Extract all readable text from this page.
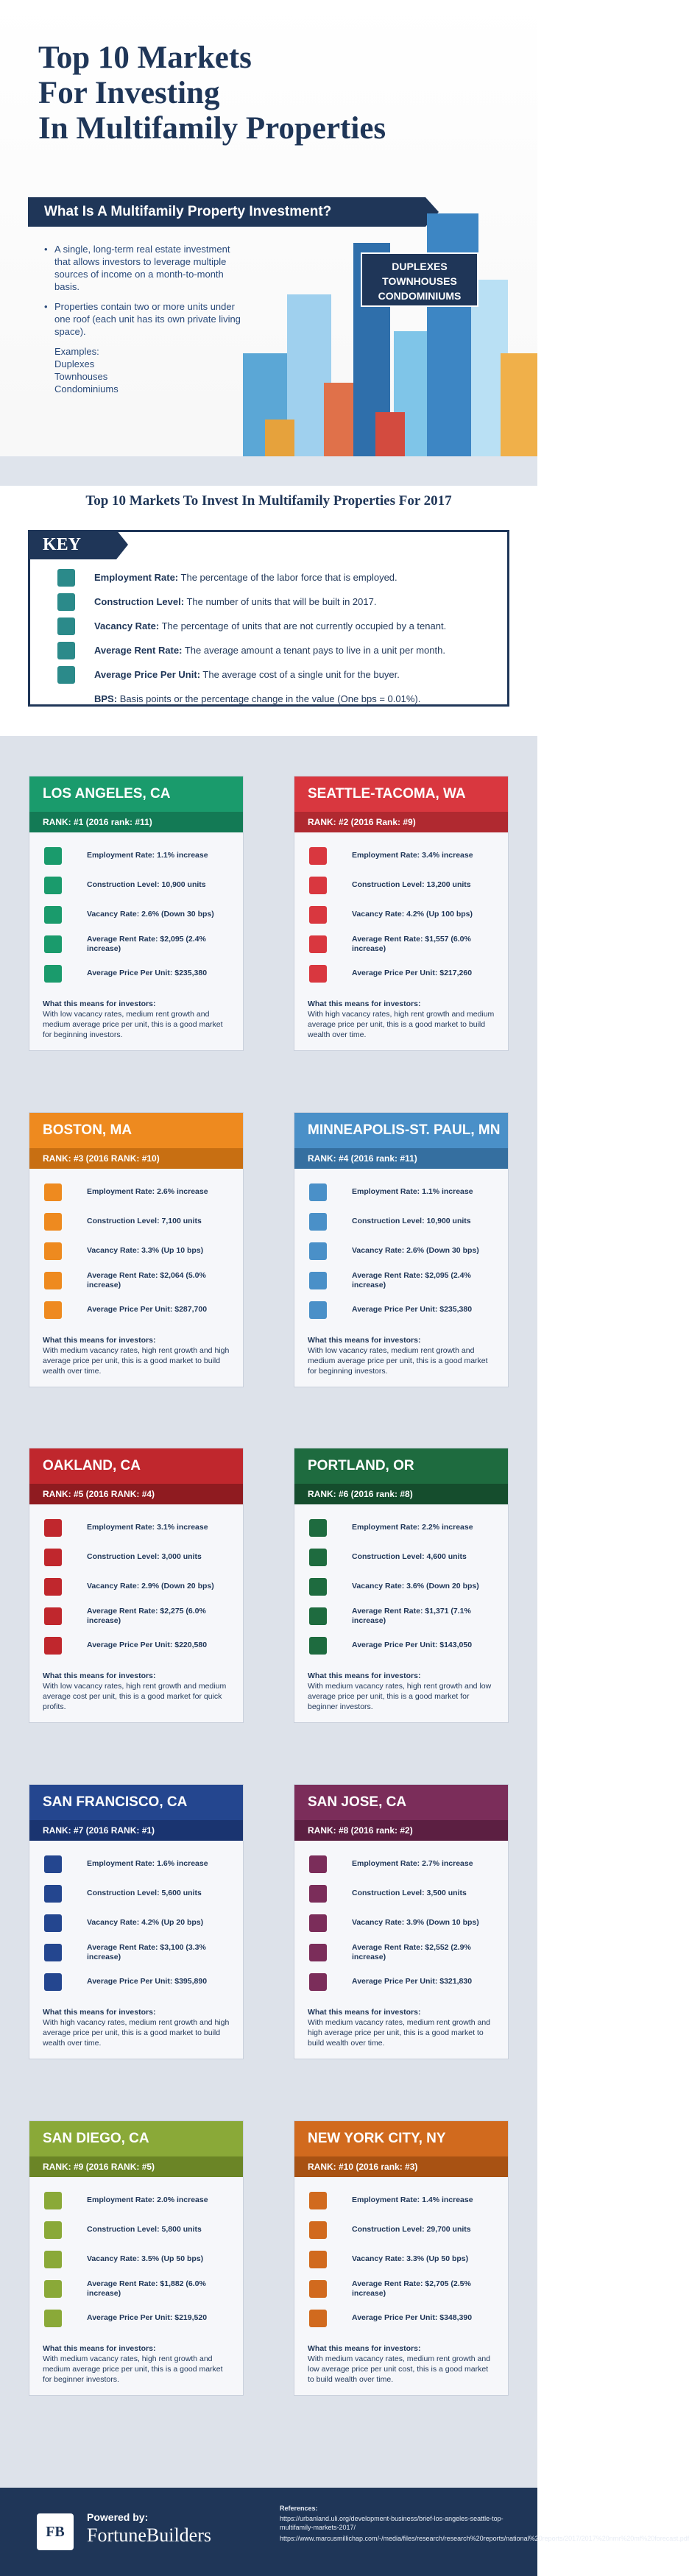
Top 10 Markets
For Investing
In Multifamily Properties
What Is A Multifamily Property Investment?
• A single, long-term real estate investment that allows investors to leverage multiple sources of income on a month-to-month basis.
• Properties contain two or more units under one roof (each unit has its own private living space).
Examples:
Duplexes
Townhouses
Condominiums
DUPLEXES
TOWNHOUSES
CONDOMINIUMS
Top 10 Markets To Invest In Multifamily Properties For 2017
KEY
Employment Rate: The percentage of the labor force that is employed.
Construction Level: The number of units that will be built in 2017.
Vacancy Rate: The percentage of units that are not currently occupied by a tenant.
Average Rent Rate: The average amount a tenant pays to live in a unit per month.
Average Price Per Unit: The average cost of a single unit for the buyer.
BPS: Basis points or the percentage change in the value (One bps = 0.01%).
LOS ANGELES, CA
RANK: #1 (2016 rank: #11)
Employment Rate: 1.1% increase
Construction Level: 10,900 units
Vacancy Rate: 2.6% (Down 30 bps)
Average Rent Rate: $2,095 (2.4% increase)
Average Price Per Unit: $235,380
What this means for investors:
With low vacancy rates, medium rent growth and medium average price per unit, this is a good market for beginning investors.
SEATTLE-TACOMA, WA
RANK: #2 (2016 Rank: #9)
Employment Rate: 3.4% increase
Construction Level: 13,200 units
Vacancy Rate: 4.2% (Up 100 bps)
Average Rent Rate: $1,557 (6.0% increase)
Average Price Per Unit: $217,260
What this means for investors:
With high vacancy rates, high rent growth and medium average price per unit, this is a good market to build wealth over time.
BOSTON, MA
RANK: #3 (2016 RANK: #10)
Employment Rate: 2.6% increase
Construction Level: 7,100 units
Vacancy Rate: 3.3% (Up 10 bps)
Average Rent Rate: $2,064 (5.0% increase)
Average Price Per Unit: $287,700
What this means for investors:
With medium vacancy rates, high rent growth and high average price per unit, this is a good market to build wealth over time.
MINNEAPOLIS-ST. PAUL, MN
RANK: #4 (2016 rank: #11)
Employment Rate: 1.1% increase
Construction Level: 10,900 units
Vacancy Rate: 2.6% (Down 30 bps)
Average Rent Rate: $2,095 (2.4% increase)
Average Price Per Unit: $235,380
What this means for investors:
With low vacancy rates, medium rent growth and medium average price per unit, this is a good market for beginning investors.
OAKLAND, CA
RANK: #5 (2016 RANK: #4)
Employment Rate: 3.1% increase
Construction Level: 3,000 units
Vacancy Rate: 2.9% (Down 20 bps)
Average Rent Rate: $2,275 (6.0% increase)
Average Price Per Unit: $220,580
What this means for investors:
With low vacancy rates, high rent growth and medium average cost per unit, this is a good market for quick profits.
PORTLAND, OR
RANK: #6 (2016 rank: #8)
Employment Rate: 2.2% increase
Construction Level: 4,600 units
Vacancy Rate: 3.6% (Down 20 bps)
Average Rent Rate: $1,371 (7.1% increase)
Average Price Per Unit: $143,050
What this means for investors:
With medium vacancy rates, high rent growth and low average price per unit, this is a good market for beginner investors.
SAN FRANCISCO, CA
RANK: #7 (2016 RANK: #1)
Employment Rate: 1.6% increase
Construction Level: 5,600 units
Vacancy Rate: 4.2% (Up 20 bps)
Average Rent Rate: $3,100 (3.3% increase)
Average Price Per Unit: $395,890
What this means for investors:
With high vacancy rates, medium rent growth and high average price per unit, this is a good market to build wealth over time.
SAN JOSE, CA
RANK: #8 (2016 rank: #2)
Employment Rate: 2.7% increase
Construction Level: 3,500 units
Vacancy Rate: 3.9% (Down 10 bps)
Average Rent Rate: $2,552 (2.9% increase)
Average Price Per Unit: $321,830
What this means for investors:
With medium vacancy rates, medium rent growth and high average price per unit, this is a good market to build wealth over time.
SAN DIEGO, CA
RANK: #9 (2016 RANK: #5)
Employment Rate: 2.0% increase
Construction Level: 5,800 units
Vacancy Rate: 3.5% (Up 50 bps)
Average Rent Rate: $1,882 (6.0% increase)
Average Price Per Unit: $219,520
What this means for investors:
With medium vacancy rates, high rent growth and medium average price per unit, this is a good market for beginner investors.
NEW YORK CITY, NY
RANK: #10 (2016 rank: #3)
Employment Rate: 1.4% increase
Construction Level: 29,700 units
Vacancy Rate: 3.3% (Up 50 bps)
Average Rent Rate: $2,705 (2.5% increase)
Average Price Per Unit: $348,390
What this means for investors:
With medium vacancy rates, medium rent growth and low average price per unit cost, this is a good market to build wealth over time.
FB
Powered by:
FortuneBuilders
References:
https://urbanland.uli.org/development-business/brief-los-angeles-seattle-top-multifamily-markets-2017/
https://www.marcusmillichap.com/-/media/files/research/research%20reports/national%20reports/2017/2017%20nmr%20mf%20forecast.pdf
